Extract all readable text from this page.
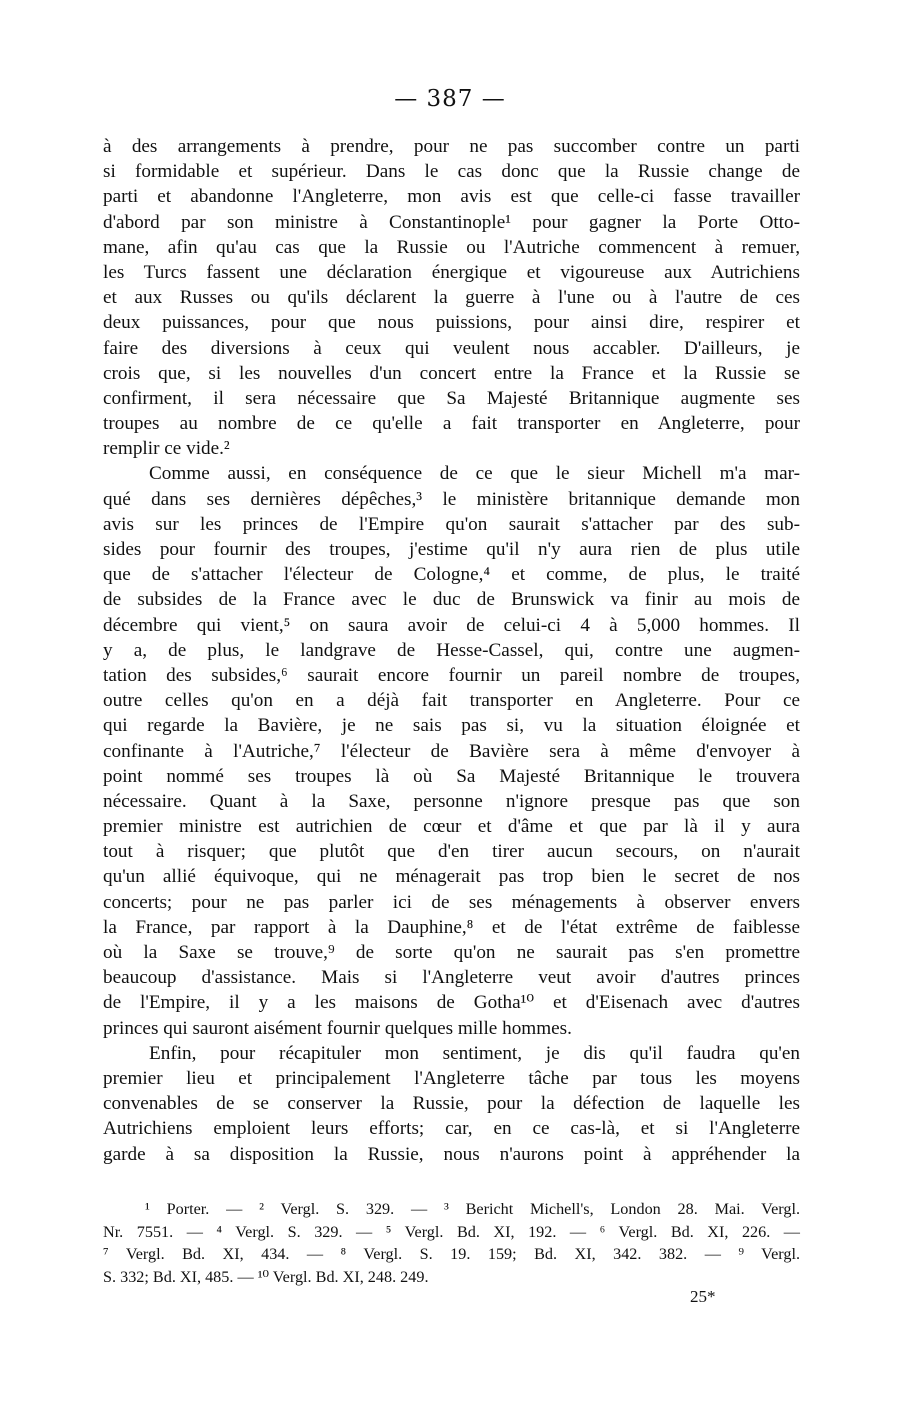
— 387 —
à des arrangements à prendre, pour ne pas succomber contre un parti
si formidable et supérieur. Dans le cas donc que la Russie change de
parti et abandonne l'Angleterre, mon avis est que celle-ci fasse travailler
d'abord par son ministre à Constantinople¹ pour gagner la Porte Otto-
mane, afin qu'au cas que la Russie ou l'Autriche commencent à remuer,
les Turcs fassent une déclaration énergique et vigoureuse aux Autrichiens
et aux Russes ou qu'ils déclarent la guerre à l'une ou à l'autre de ces
deux puissances, pour que nous puissions, pour ainsi dire, respirer et
faire des diversions à ceux qui veulent nous accabler. D'ailleurs, je
crois que, si les nouvelles d'un concert entre la France et la Russie se
confirment, il sera nécessaire que Sa Majesté Britannique augmente ses
troupes au nombre de ce qu'elle a fait transporter en Angleterre, pour
remplir ce vide.²
Comme aussi, en conséquence de ce que le sieur Michell m'a mar-
qué dans ses dernières dépêches,³ le ministère britannique demande mon
avis sur les princes de l'Empire qu'on saurait s'attacher par des sub-
sides pour fournir des troupes, j'estime qu'il n'y aura rien de plus utile
que de s'attacher l'électeur de Cologne,⁴ et comme, de plus, le traité
de subsides de la France avec le duc de Brunswick va finir au mois de
décembre qui vient,⁵ on saura avoir de celui-ci 4 à 5,000 hommes. Il
y a, de plus, le landgrave de Hesse-Cassel, qui, contre une augmen-
tation des subsides,⁶ saurait encore fournir un pareil nombre de troupes,
outre celles qu'on en a déjà fait transporter en Angleterre. Pour ce
qui regarde la Bavière, je ne sais pas si, vu la situation éloignée et
confinante à l'Autriche,⁷ l'électeur de Bavière sera à même d'envoyer à
point nommé ses troupes là où Sa Majesté Britannique le trouvera
nécessaire. Quant à la Saxe, personne n'ignore presque pas que son
premier ministre est autrichien de cœur et d'âme et que par là il y aura
tout à risquer; que plutôt que d'en tirer aucun secours, on n'aurait
qu'un allié équivoque, qui ne ménagerait pas trop bien le secret de nos
concerts; pour ne pas parler ici de ses ménagements à observer envers
la France, par rapport à la Dauphine,⁸ et de l'état extrême de faiblesse
où la Saxe se trouve,⁹ de sorte qu'on ne saurait pas s'en promettre
beaucoup d'assistance. Mais si l'Angleterre veut avoir d'autres princes
de l'Empire, il y a les maisons de Gotha¹⁰ et d'Eisenach avec d'autres
princes qui sauront aisément fournir quelques mille hommes.
Enfin, pour récapituler mon sentiment, je dis qu'il faudra qu'en
premier lieu et principalement l'Angleterre tâche par tous les moyens
convenables de se conserver la Russie, pour la défection de laquelle les
Autrichiens emploient leurs efforts; car, en ce cas-là, et si l'Angleterre
garde à sa disposition la Russie, nous n'aurons point à appréhender la
¹ Porter. — ² Vergl. S. 329. — ³ Bericht Michell's, London 28. Mai. Vergl.
Nr. 7551. — ⁴ Vergl. S. 329. — ⁵ Vergl. Bd. XI, 192. — ⁶ Vergl. Bd. XI, 226. —
⁷ Vergl. Bd. XI, 434. — ⁸ Vergl. S. 19. 159; Bd. XI, 342. 382. — ⁹ Vergl.
S. 332; Bd. XI, 485. — ¹⁰ Vergl. Bd. XI, 248. 249.
25*
